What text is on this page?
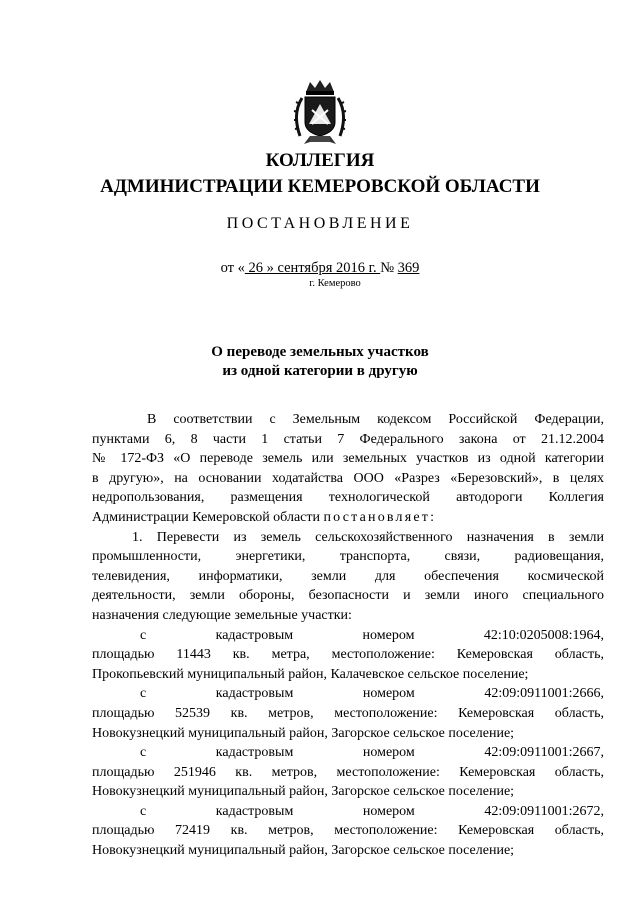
КОЛЛЕГИЯ
АДМИНИСТРАЦИИ КЕМЕРОВСКОЙ ОБЛАСТИ
ПОСТАНОВЛЕНИЕ
от « 26 » сентября 2016 г. № 369
г. Кемерово
О переводе земельных участков
из одной категории в другую
В соответствии с Земельным кодексом Российской Федерации,
пунктами 6, 8 части 1 статьи 7 Федерального закона от 21.12.2004
№ 172-ФЗ «О переводе земель или земельных участков из одной категории
в другую», на основании ходатайства ООО «Разрез «Березовский», в целях
недропользования, размещения технологической автодороги Коллегия
Администрации Кемеровской области постановляет:
1. Перевести из земель сельскохозяйственного назначения в земли
промышленности, энергетики, транспорта, связи, радиовещания,
телевидения, информатики, земли для обеспечения космической
деятельности, земли обороны, безопасности и земли иного специального
назначения следующие земельные участки:
с кадастровым номером 42:10:0205008:1964,
площадью 11443 кв. метра, местоположение: Кемеровская область,
Прокопьевский муниципальный район, Калачевское сельское поселение;
с кадастровым номером 42:09:0911001:2666,
площадью 52539 кв. метров, местоположение: Кемеровская область,
Новокузнецкий муниципальный район, Загорское сельское поселение;
с кадастровым номером 42:09:0911001:2667,
площадью 251946 кв. метров, местоположение: Кемеровская область,
Новокузнецкий муниципальный район, Загорское сельское поселение;
с кадастровым номером 42:09:0911001:2672,
площадью 72419 кв. метров, местоположение: Кемеровская область,
Новокузнецкий муниципальный район, Загорское сельское поселение;
